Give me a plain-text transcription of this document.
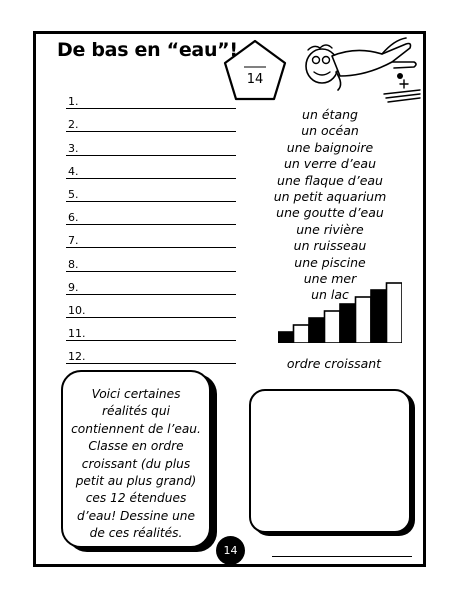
De bas en “eau”!
14
1.
2.
3.
4.
5.
6.
7.
8.
9.
10.
11.
12.
un étang
un océan
une baignoire
un verre d’eau
une flaque d’eau
un petit aquarium
une goutte d’eau
une rivière
un ruisseau
une piscine
une mer
un lac
ordre croissant
Voici certaines réalités qui contiennent de l’eau. Classe en ordre croissant (du plus petit au plus grand) ces 12 étendues d’eau! Dessine une de ces réalités.
14
